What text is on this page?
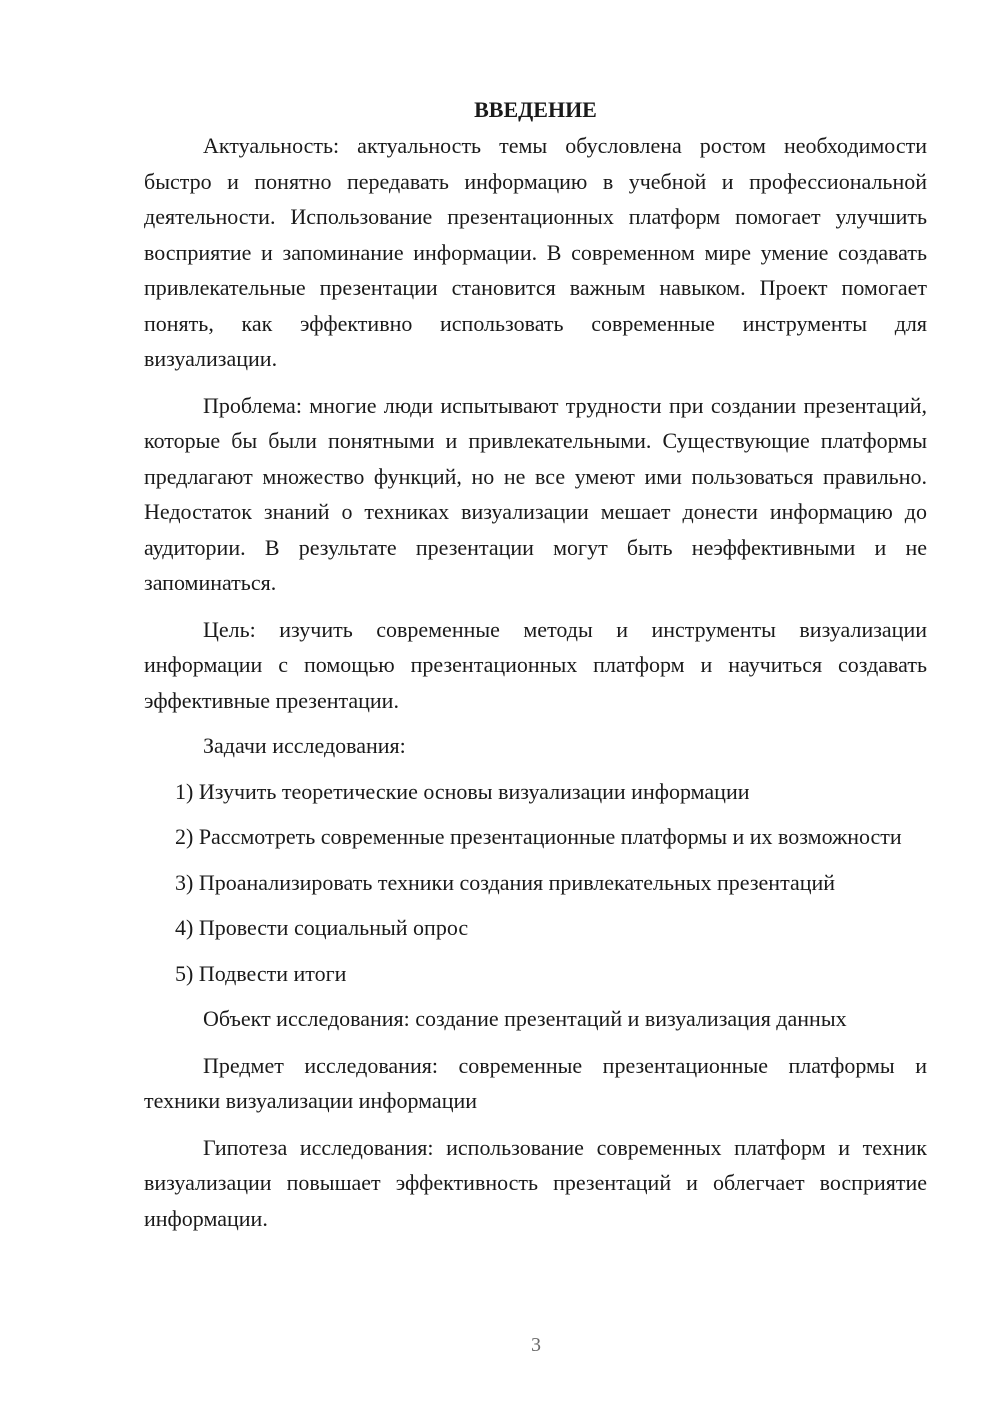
ВВЕДЕНИЕ

Актуальность: актуальность темы обусловлена ростом необходимости быстро и понятно передавать информацию в учебной и профессиональной деятельности. Использование презентационных платформ помогает улучшить восприятие и запоминание информации. В современном мире умение создавать привлекательные презентации становится важным навыком. Проект помогает понять, как эффективно использовать современные инструменты для визуализации.

Проблема: многие люди испытывают трудности при создании презентаций, которые бы были понятными и привлекательными. Существующие платформы предлагают множество функций, но не все умеют ими пользоваться правильно. Недостаток знаний о техниках визуализации мешает донести информацию до аудитории. В результате презентации могут быть неэффективными и не запоминаться.

Цель: изучить современные методы и инструменты визуализации информации с помощью презентационных платформ и научиться создавать эффективные презентации.

Задачи исследования:

1) Изучить теоретические основы визуализации информации

2) Рассмотреть современные презентационные платформы и их возможности

3) Проанализировать техники создания привлекательных презентаций

4) Провести социальный опрос

5) Подвести итоги

Объект исследования: создание презентаций и визуализация данных

Предмет исследования: современные презентационные платформы и техники визуализации информации

Гипотеза исследования: использование современных платформ и техник визуализации повышает эффективность презентаций и облегчает восприятие информации.

3
